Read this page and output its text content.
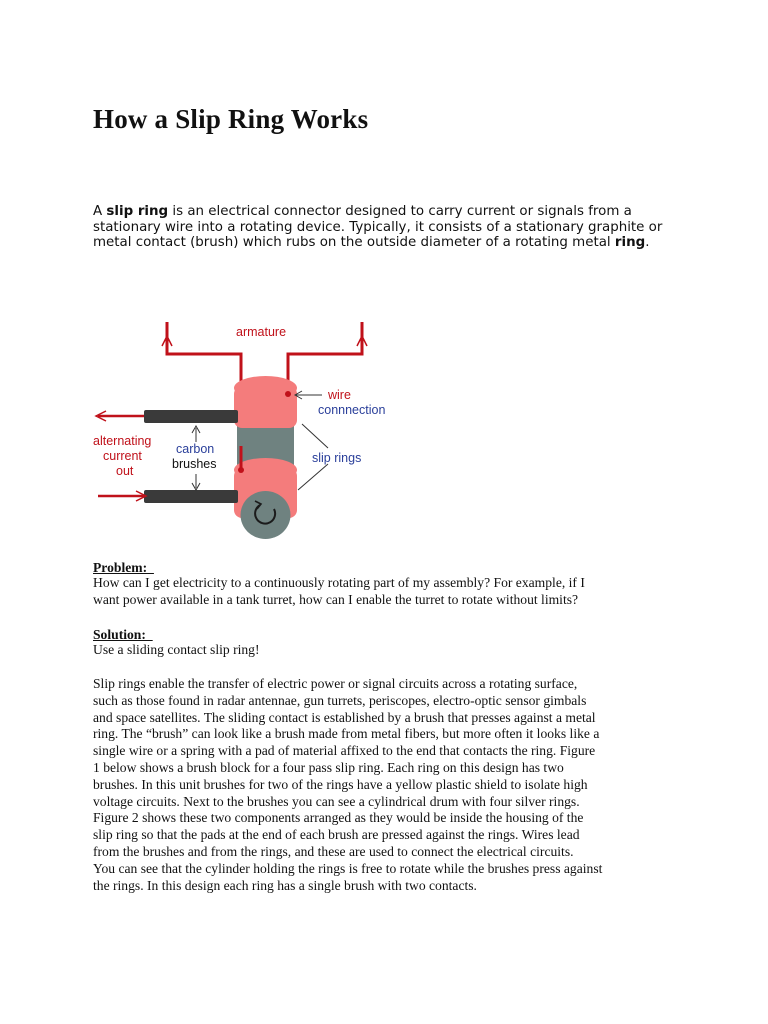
How a Slip Ring Works
A slip ring is an electrical connector designed to carry current or signals from a stationary wire into a rotating device. Typically, it consists of a stationary graphite or metal contact (brush) which rubs on the outside diameter of a rotating metal ring.
armature
wire
connnection
alternating
current
out
carbon
brushes	slip rings
Problem:
How can I get electricity to a continuously rotating part of my assembly? For example, if I
want power available in a tank turret, how can I enable the turret to rotate without limits?
Solution:
Use a sliding contact slip ring!
Slip rings enable the transfer of electric power or signal circuits across a rotating surface,
such as those found in radar antennae, gun turrets, periscopes, electro-optic sensor gimbals
and space satellites. The sliding contact is established by a brush that presses against a metal
ring. The “brush” can look like a brush made from metal fibers, but more often it looks like a
single wire or a spring with a pad of material affixed to the end that contacts the ring. Figure
1 below shows a brush block for a four pass slip ring. Each ring on this design has two
brushes. In this unit brushes for two of the rings have a yellow plastic shield to isolate high
voltage circuits. Next to the brushes you can see a cylindrical drum with four silver rings.
Figure 2 shows these two components arranged as they would be inside the housing of the
slip ring so that the pads at the end of each brush are pressed against the rings. Wires lead
from the brushes and from the rings, and these are used to connect the electrical circuits.
You can see that the cylinder holding the rings is free to rotate while the brushes press against
the rings. In this design each ring has a single brush with two contacts.
